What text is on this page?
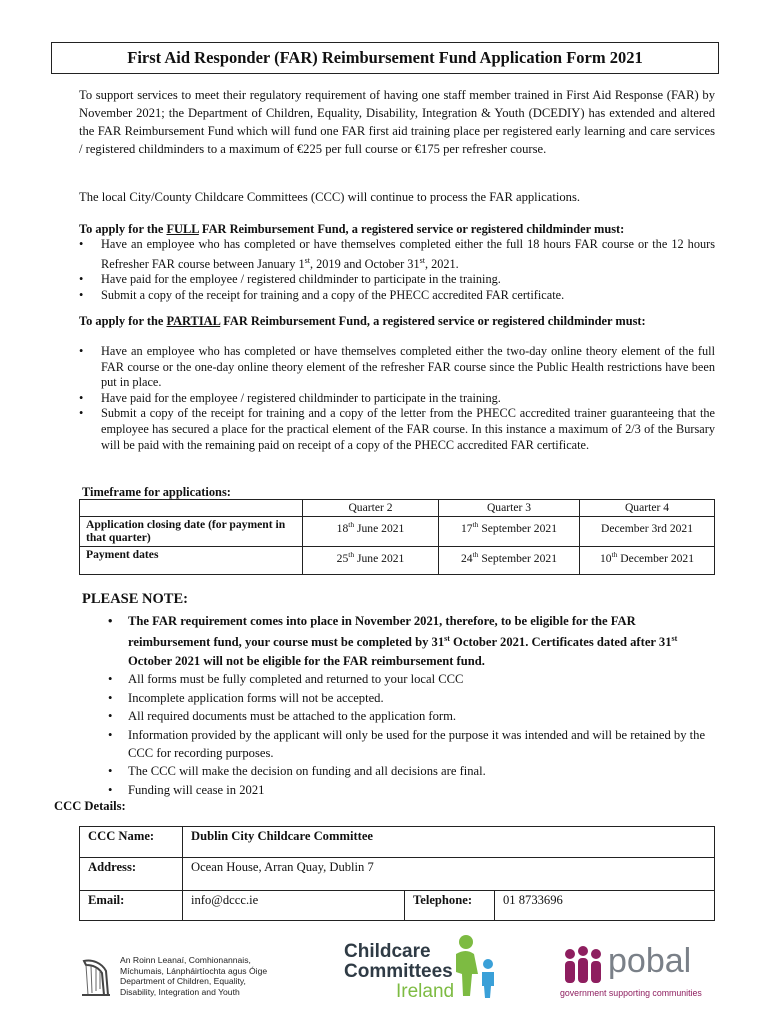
First Aid Responder (FAR) Reimbursement Fund Application Form 2021

To support services to meet their regulatory requirement of having one staff member trained in First Aid Response (FAR) by November 2021; the Department of Children, Equality, Disability, Integration & Youth (DCEDIY) has extended and altered the FAR Reimbursement Fund which will fund one FAR first aid training place per registered early learning and care services / registered childminders to a maximum of €225 per full course or €175 per refresher course.

The local City/County Childcare Committees (CCC) will continue to process the FAR applications.

To apply for the FULL FAR Reimbursement Fund, a registered service or registered childminder must:

• Have an employee who has completed or have themselves completed either the full 18 hours FAR course or the 12 hours Refresher FAR course between January 1st, 2019 and October 31st, 2021.
• Have paid for the employee / registered childminder to participate in the training.
• Submit a copy of the receipt for training and a copy of the PHECC accredited FAR certificate.

To apply for the PARTIAL FAR Reimbursement Fund, a registered service or registered childminder must:

• Have an employee who has completed or have themselves completed either the two-day online theory element of the full FAR course or the one-day online theory element of the refresher FAR course since the Public Health restrictions have been put in place.
• Have paid for the employee / registered childminder to participate in the training.
• Submit a copy of the receipt for training and a copy of the letter from the PHECC accredited trainer guaranteeing that the employee has secured a place for the practical element of the FAR course. In this instance a maximum of 2/3 of the Bursary will be paid with the remaining paid on receipt of a copy of the PHECC accredited FAR certificate.
Timeframe for applications:
	Quarter 2	Quarter 3	Quarter 4
Application closing date (for payment in that quarter)	18th June 2021	17th September 2021	December 3rd 2021
Payment dates	25th June 2021	24th September 2021	10th December 2021
PLEASE NOTE:
• The FAR requirement comes into place in November 2021, therefore, to be eligible for the FAR reimbursement fund, your course must be completed by 31st October 2021. Certificates dated after 31st October 2021 will not be eligible for the FAR reimbursement fund.
• All forms must be fully completed and returned to your local CCC
• Incomplete application forms will not be accepted.
• All required documents must be attached to the application form.
• Information provided by the applicant will only be used for the purpose it was intended and will be retained by the CCC for recording purposes.
• The CCC will make the decision on funding and all decisions are final.
• Funding will cease in 2021
CCC Details:
CCC Name:	Dublin City Childcare Committee		
Address:	Ocean House, Arran Quay, Dublin 7		
Email:	info@dccc.ie	Telephone:	01 8733696
An Roinn Leanaí, Comhionannais,
Míchumais, Lánpháirtíochta agus Óige
Department of Children, Equality,
Disability, Integration and Youth
Childcare
Committees
Ireland
pobal
government supporting communities
